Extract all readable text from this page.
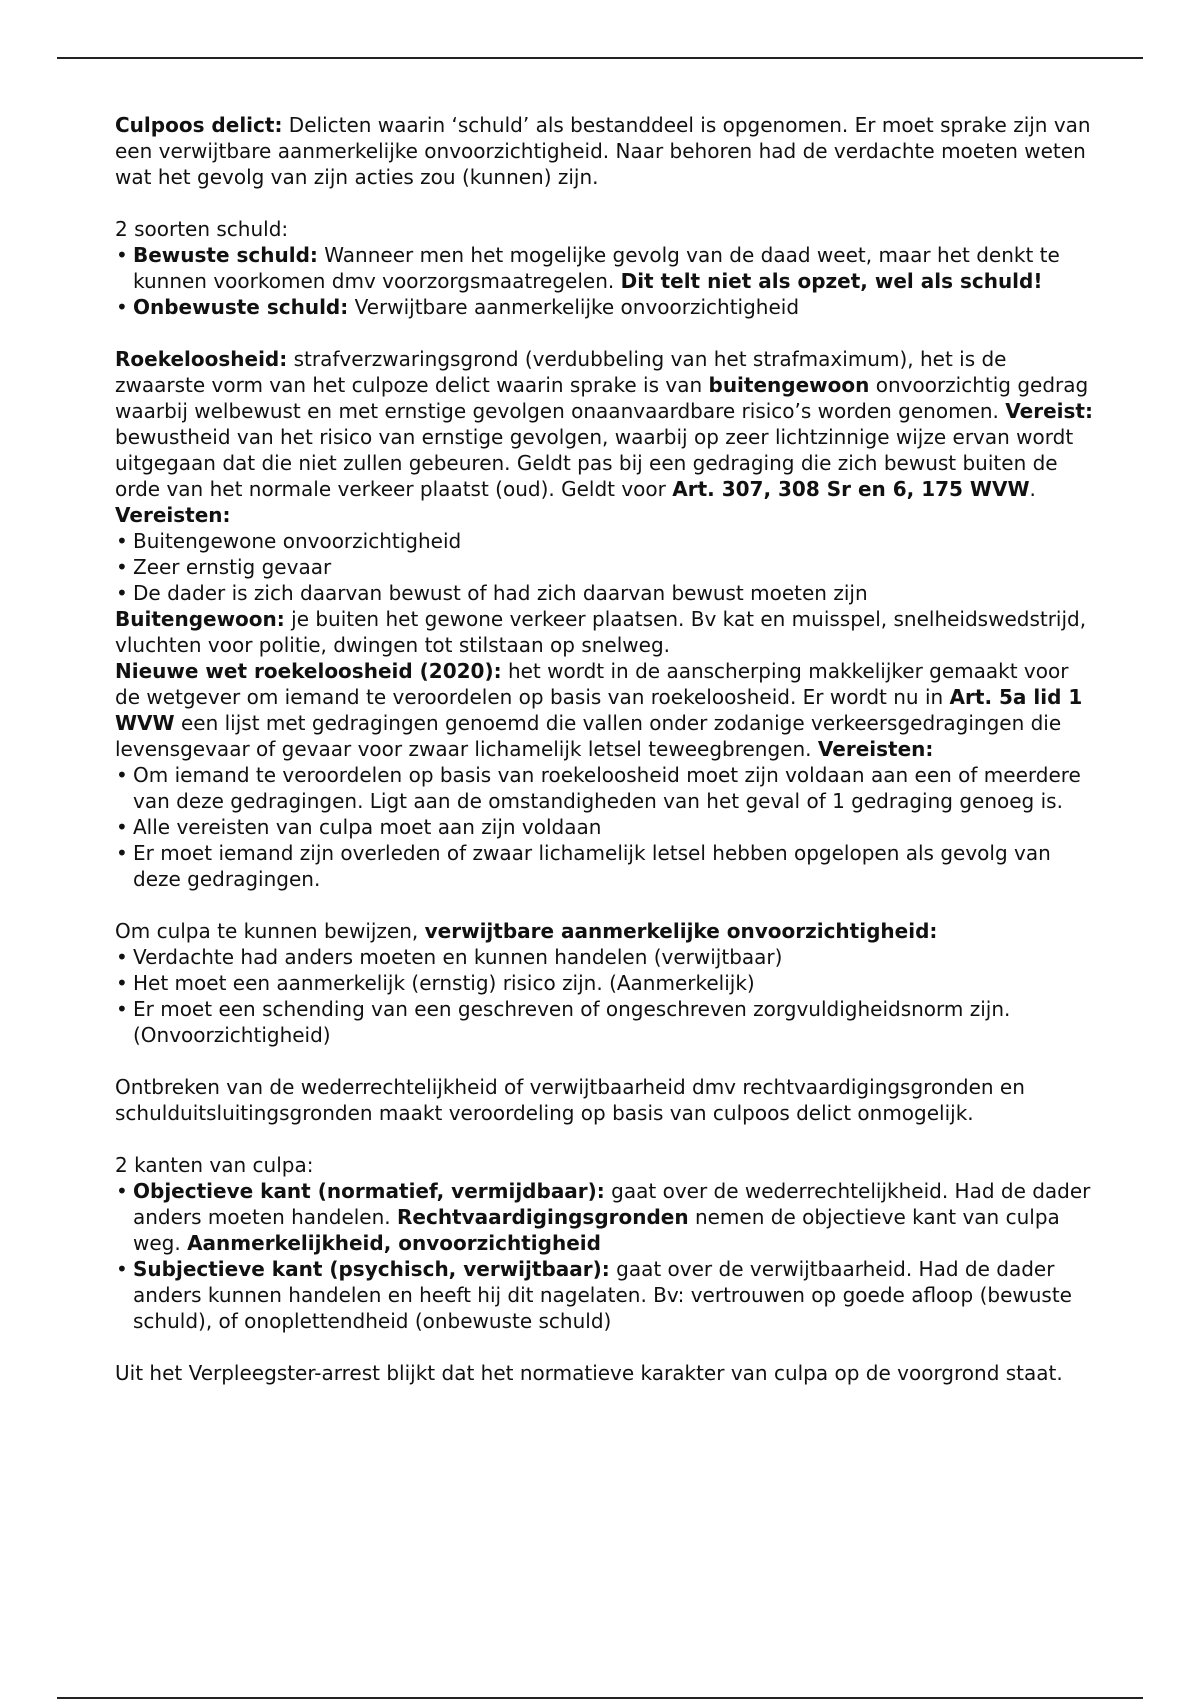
Culpoos delict: Delicten waarin ‘schuld’ als bestanddeel is opgenomen. Er moet sprake zijn van een verwijtbare aanmerkelijke onvoorzichtigheid. Naar behoren had de verdachte moeten weten wat het gevolg van zijn acties zou (kunnen) zijn.

2 soorten schuld:

• Bewuste schuld: Wanneer men het mogelijke gevolg van de daad weet, maar het denkt te kunnen voorkomen dmv voorzorgsmaatregelen. Dit telt niet als opzet, wel als schuld!
• Onbewuste schuld: Verwijtbare aanmerkelijke onvoorzichtigheid

Roekeloosheid: strafverzwaringsgrond (verdubbeling van het strafmaximum), het is de zwaarste vorm van het culpoze delict waarin sprake is van buitengewoon onvoorzichtig gedrag waarbij welbewust en met ernstige gevolgen onaanvaardbare risico’s worden genomen. Vereist: bewustheid van het risico van ernstige gevolgen, waarbij op zeer lichtzinnige wijze ervan wordt uitgegaan dat die niet zullen gebeuren. Geldt pas bij een gedraging die zich bewust buiten de orde van het normale verkeer plaatst (oud). Geldt voor Art. 307, 308 Sr en 6, 175 WVW.

Vereisten:

• Buitengewone onvoorzichtigheid
• Zeer ernstig gevaar
• De dader is zich daarvan bewust of had zich daarvan bewust moeten zijn

Buitengewoon: je buiten het gewone verkeer plaatsen. Bv kat en muisspel, snelheidswedstrijd, vluchten voor politie, dwingen tot stilstaan op snelweg.

Nieuwe wet roekeloosheid (2020): het wordt in de aanscherping makkelijker gemaakt voor de wetgever om iemand te veroordelen op basis van roekeloosheid. Er wordt nu in Art. 5a lid 1 WVW een lijst met gedragingen genoemd die vallen onder zodanige verkeersgedragingen die levensgevaar of gevaar voor zwaar lichamelijk letsel teweegbrengen. Vereisten:

• Om iemand te veroordelen op basis van roekeloosheid moet zijn voldaan aan een of meerdere van deze gedragingen. Ligt aan de omstandigheden van het geval of 1 gedraging genoeg is.
• Alle vereisten van culpa moet aan zijn voldaan
• Er moet iemand zijn overleden of zwaar lichamelijk letsel hebben opgelopen als gevolg van deze gedragingen.

Om culpa te kunnen bewijzen, verwijtbare aanmerkelijke onvoorzichtigheid:

• Verdachte had anders moeten en kunnen handelen (verwijtbaar)
• Het moet een aanmerkelijk (ernstig) risico zijn. (Aanmerkelijk)
• Er moet een schending van een geschreven of ongeschreven zorgvuldigheidsnorm zijn. (Onvoorzichtigheid)

Ontbreken van de wederrechtelijkheid of verwijtbaarheid dmv rechtvaardigingsgronden en schulduitsluitingsgronden maakt veroordeling op basis van culpoos delict onmogelijk.

2 kanten van culpa:

• Objectieve kant (normatief, vermijdbaar): gaat over de wederrechtelijkheid. Had de dader anders moeten handelen. Rechtvaardigingsgronden nemen de objectieve kant van culpa weg. Aanmerkelijkheid, onvoorzichtigheid
• Subjectieve kant (psychisch, verwijtbaar): gaat over de verwijtbaarheid. Had de dader anders kunnen handelen en heeft hij dit nagelaten. Bv: vertrouwen op goede afloop (bewuste schuld), of onoplettendheid (onbewuste schuld)

Uit het Verpleegster-arrest blijkt dat het normatieve karakter van culpa op de voorgrond staat.
